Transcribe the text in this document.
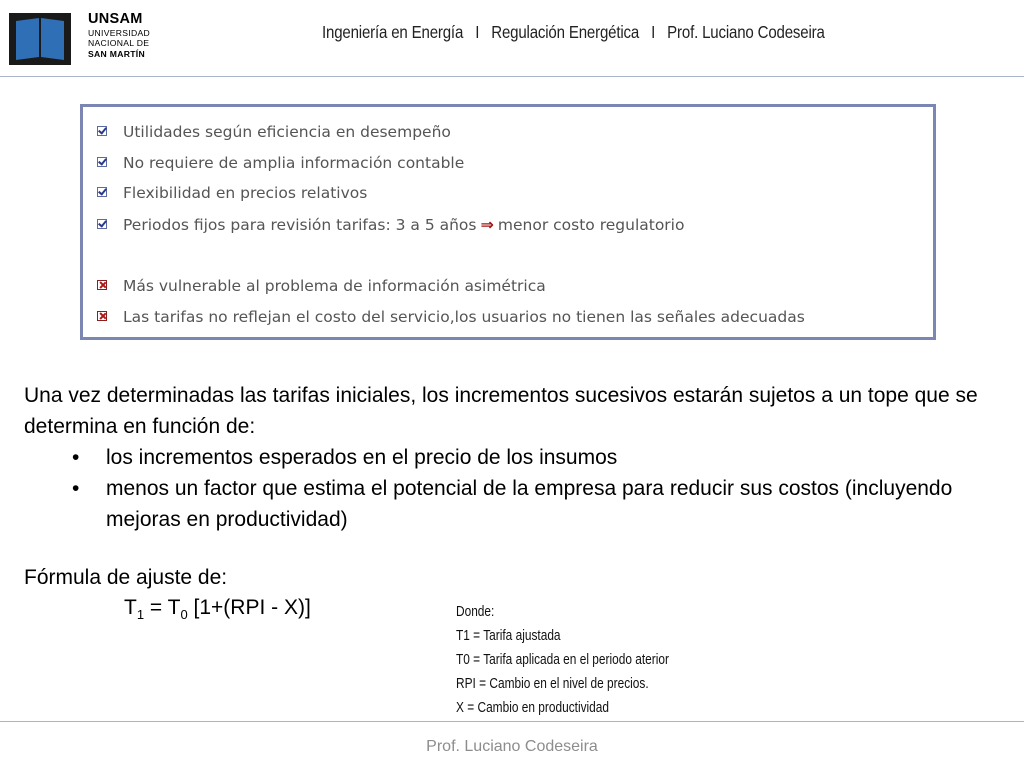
UNSAM
UNIVERSIDAD
NACIONAL DE
SAN MARTÍN
Ingeniería en Energía I Regulación Energética I Prof. Luciano Codeseira
Utilidades según eficiencia en desempeño
No requiere de amplia información contable
Flexibilidad en precios relativos
Periodos fijos para revisión tarifas: 3 a 5 años ⇒ menor costo regulatorio
Más vulnerable al problema de información asimétrica
Las tarifas no reflejan el costo del servicio,los usuarios no tienen las señales adecuadas

Una vez determinadas las tarifas iniciales, los incrementos sucesivos estarán sujetos a un tope que se determina en función de:

• los incrementos esperados en el precio de los insumos
• menos un factor que estima el potencial de la empresa para reducir sus costos (incluyendo mejoras en productividad)
Fórmula de ajuste de:
$T_1 = T_0$ [1+(RPI - X)]	Donde:
T1 = Tarifa ajustada
T0 = Tarifa aplicada en el periodo aterior
RPI = Cambio en el nivel de precios.
X = Cambio en productividad
Prof. Luciano Codeseira
